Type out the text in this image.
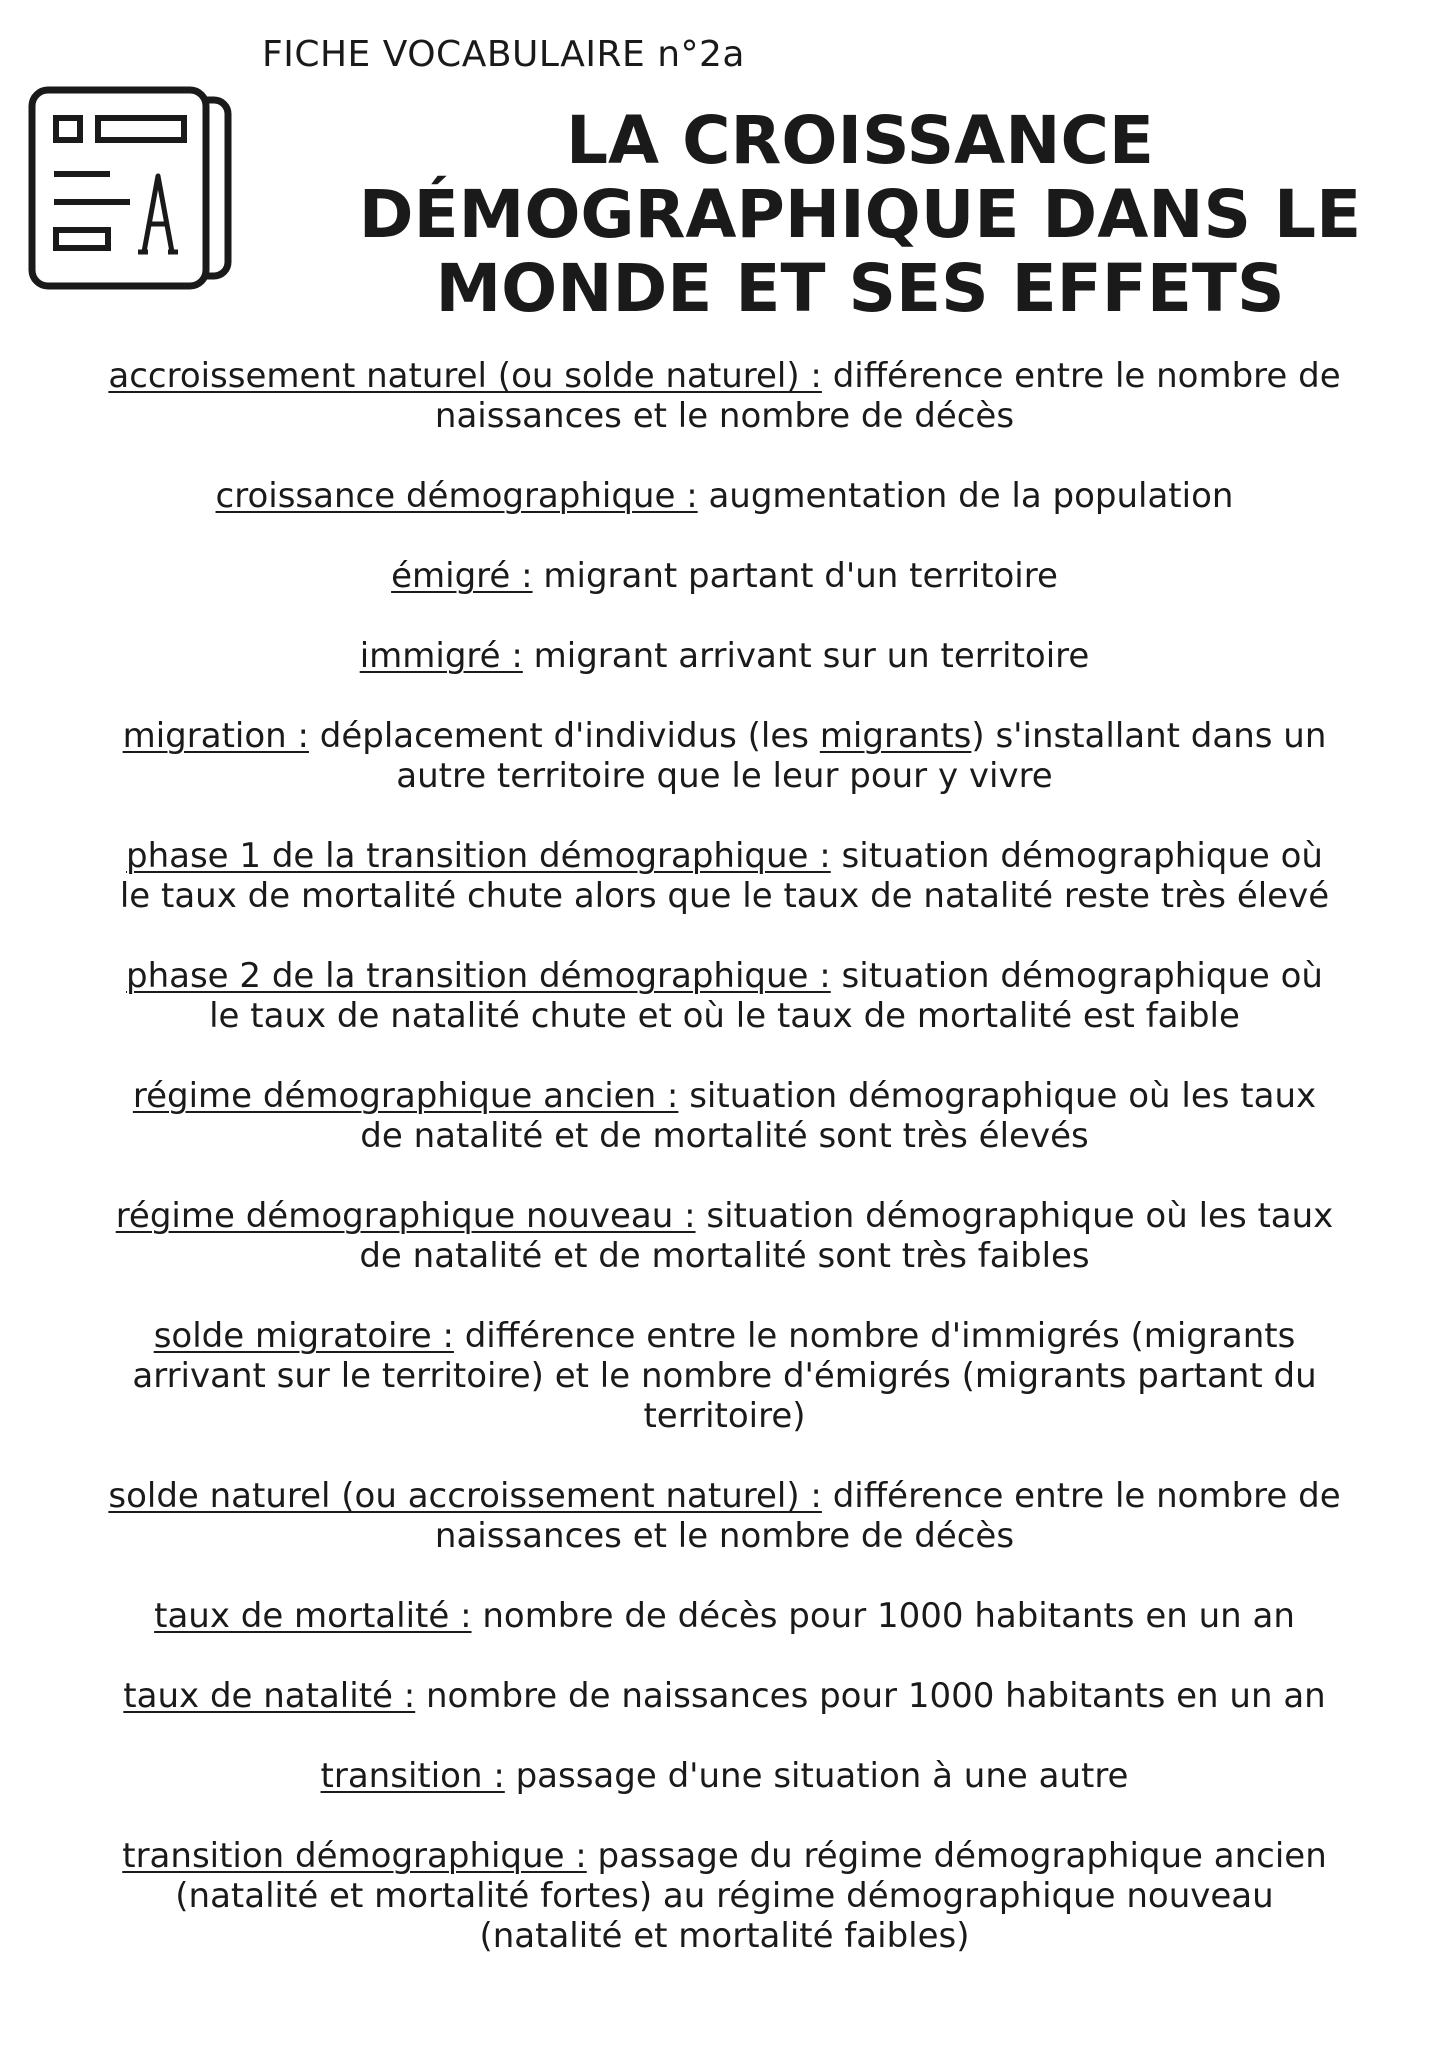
FICHE VOCABULAIRE n°2a
LA CROISSANCE
DÉMOGRAPHIQUE DANS LE
MONDE ET SES EFFETS
accroissement naturel (ou solde naturel) : différence entre le nombre de
naissances et le nombre de décès
croissance démographique : augmentation de la population
émigré : migrant partant d'un territoire
immigré : migrant arrivant sur un territoire
migration : déplacement d'individus (les migrants) s'installant dans un
autre territoire que le leur pour y vivre
phase 1 de la transition démographique : situation démographique où
le taux de mortalité chute alors que le taux de natalité reste très élevé
phase 2 de la transition démographique : situation démographique où
le taux de natalité chute et où le taux de mortalité est faible
régime démographique ancien : situation démographique où les taux
de natalité et de mortalité sont très élevés
régime démographique nouveau : situation démographique où les taux
de natalité et de mortalité sont très faibles
solde migratoire : différence entre le nombre d'immigrés (migrants
arrivant sur le territoire) et le nombre d'émigrés (migrants partant du
territoire)
solde naturel (ou accroissement naturel) : différence entre le nombre de
naissances et le nombre de décès
taux de mortalité : nombre de décès pour 1000 habitants en un an
taux de natalité : nombre de naissances pour 1000 habitants en un an
transition : passage d'une situation à une autre
transition démographique : passage du régime démographique ancien
(natalité et mortalité fortes) au régime démographique nouveau
(natalité et mortalité faibles)
